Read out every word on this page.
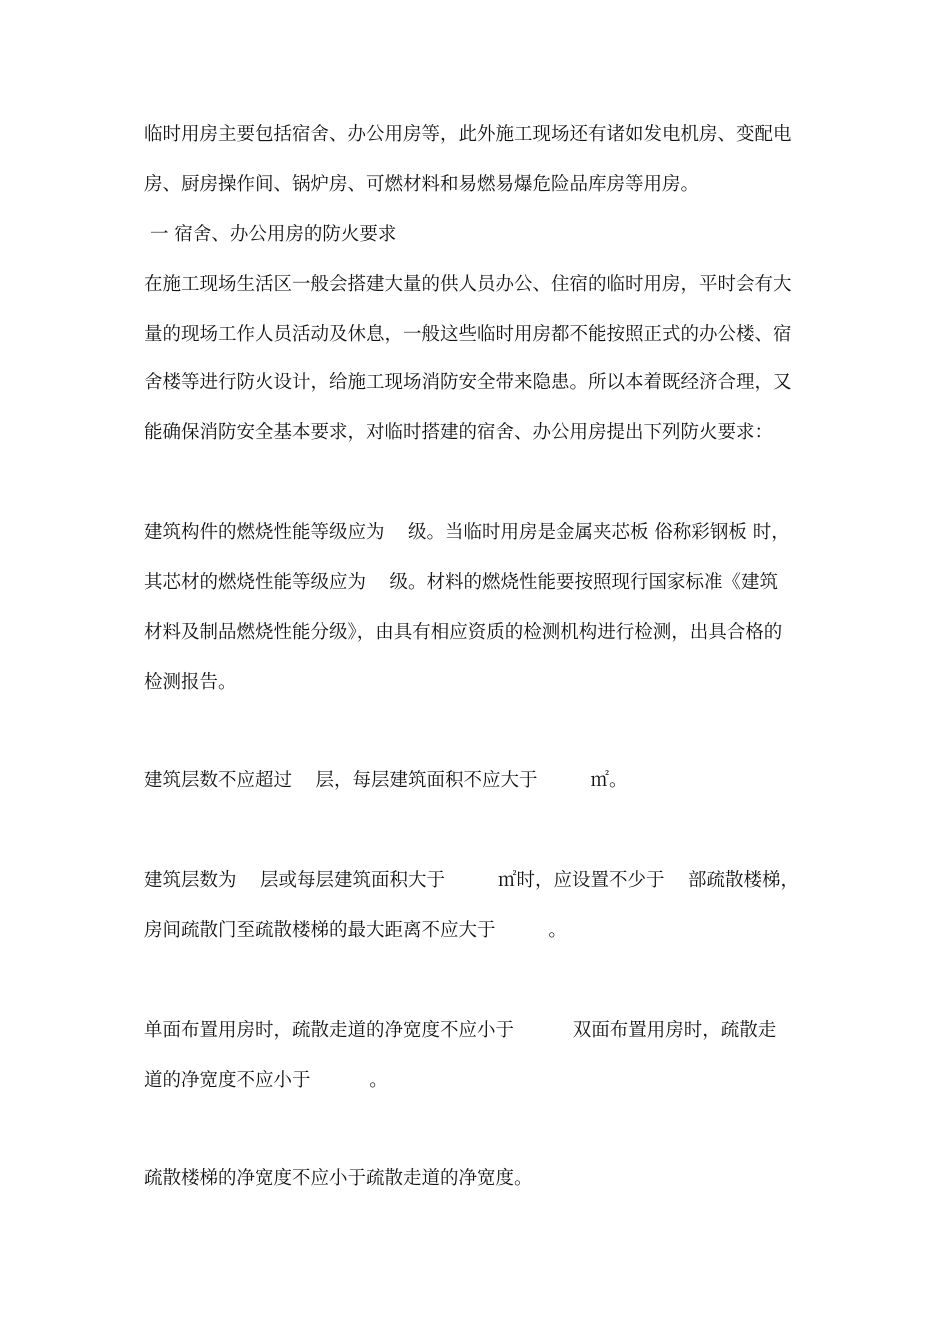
临时用房主要包括宿舍、办公用房等，此外施工现场还有诸如发电机房、变配电
房、厨房操作间、锅炉房、可燃材料和易燃易爆危险品库房等用房。
一 宿舍、办公用房的防火要求
在施工现场生活区一般会搭建大量的供人员办公、住宿的临时用房，平时会有大
量的现场工作人员活动及休息，一般这些临时用房都不能按照正式的办公楼、宿
舍楼等进行防火设计，给施工现场消防安全带来隐患。所以本着既经济合理，又
能确保消防安全基本要求，对临时搭建的宿舍、办公用房提出下列防火要求：
建筑构件的燃烧性能等级应为    级。当临时用房是金属夹芯板 俗称彩钢板 时，
其芯材的燃烧性能等级应为    级。材料的燃烧性能要按照现行国家标准《建筑
材料及制品燃烧性能分级》，由具有相应资质的检测机构进行检测，出具合格的
检测报告。
建筑层数不应超过    层，每层建筑面积不应大于         ㎡。
建筑层数为    层或每层建筑面积大于         ㎡时，应设置不少于    部疏散楼梯，
房间疏散门至疏散楼梯的最大距离不应大于         。
单面布置用房时，疏散走道的净宽度不应小于          双面布置用房时，疏散走
道的净宽度不应小于          。
疏散楼梯的净宽度不应小于疏散走道的净宽度。
